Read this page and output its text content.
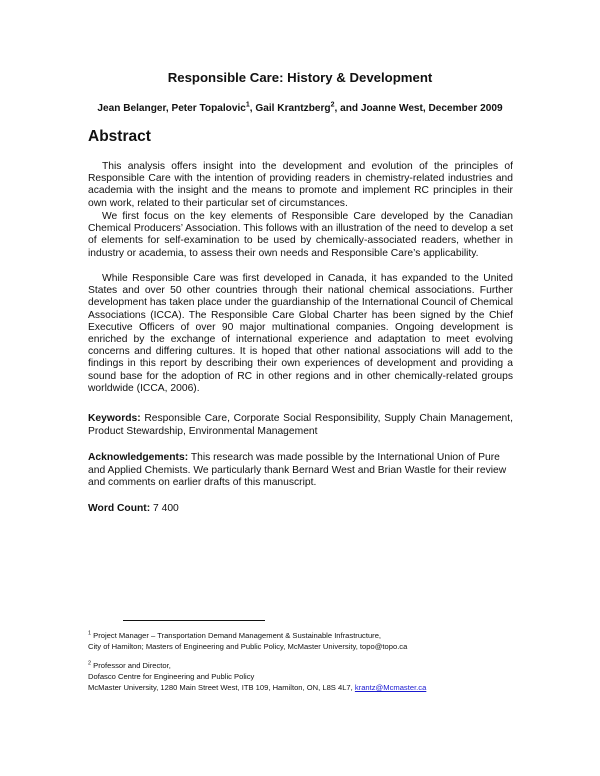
Responsible Care: History & Development
Jean Belanger, Peter Topalovic$^1$, Gail Krantzberg$^2$, and Joanne West, December 2009
Abstract

This analysis offers insight into the development and evolution of the principles of Responsible Care with the intention of providing readers in chemistry-related industries and academia with the insight and the means to promote and implement RC principles in their own work, related to their particular set of circumstances.

We first focus on the key elements of Responsible Care developed by the Canadian Chemical Producers’ Association. This follows with an illustration of the need to develop a set of elements for self-examination to be used by chemically-associated readers, whether in industry or academia, to assess their own needs and Responsible Care’s applicability.

While Responsible Care was first developed in Canada, it has expanded to the United States and over 50 other countries through their national chemical associations. Further development has taken place under the guardianship of the International Council of Chemical Associations (ICCA). The Responsible Care Global Charter has been signed by the Chief Executive Officers of over 90 major multinational companies. Ongoing development is enriched by the exchange of international experience and adaptation to meet evolving concerns and differing cultures. It is hoped that other national associations will add to the findings in this report by describing their own experiences of development and providing a sound base for the adoption of RC in other regions and in other chemically-related groups worldwide (ICCA, 2006).

Keywords: Responsible Care, Corporate Social Responsibility, Supply Chain Management, Product Stewardship, Environmental Management
Acknowledgements: This research was made possible by the International Union of Pure and Applied Chemists. We particularly thank Bernard West and Brian Wastle for their review and comments on earlier drafts of this manuscript.
Word Count: 7 400
$^1$ Project Manager – Transportation Demand Management & Sustainable Infrastructure,
City of Hamilton; Masters of Engineering and Public Policy, McMaster University, topo@topo.ca
$^2$ Professor and Director,
Dofasco Centre for Engineering and Public Policy
McMaster University, 1280 Main Street West, ITB 109, Hamilton, ON, L8S 4L7, krantz@Mcmaster.ca
